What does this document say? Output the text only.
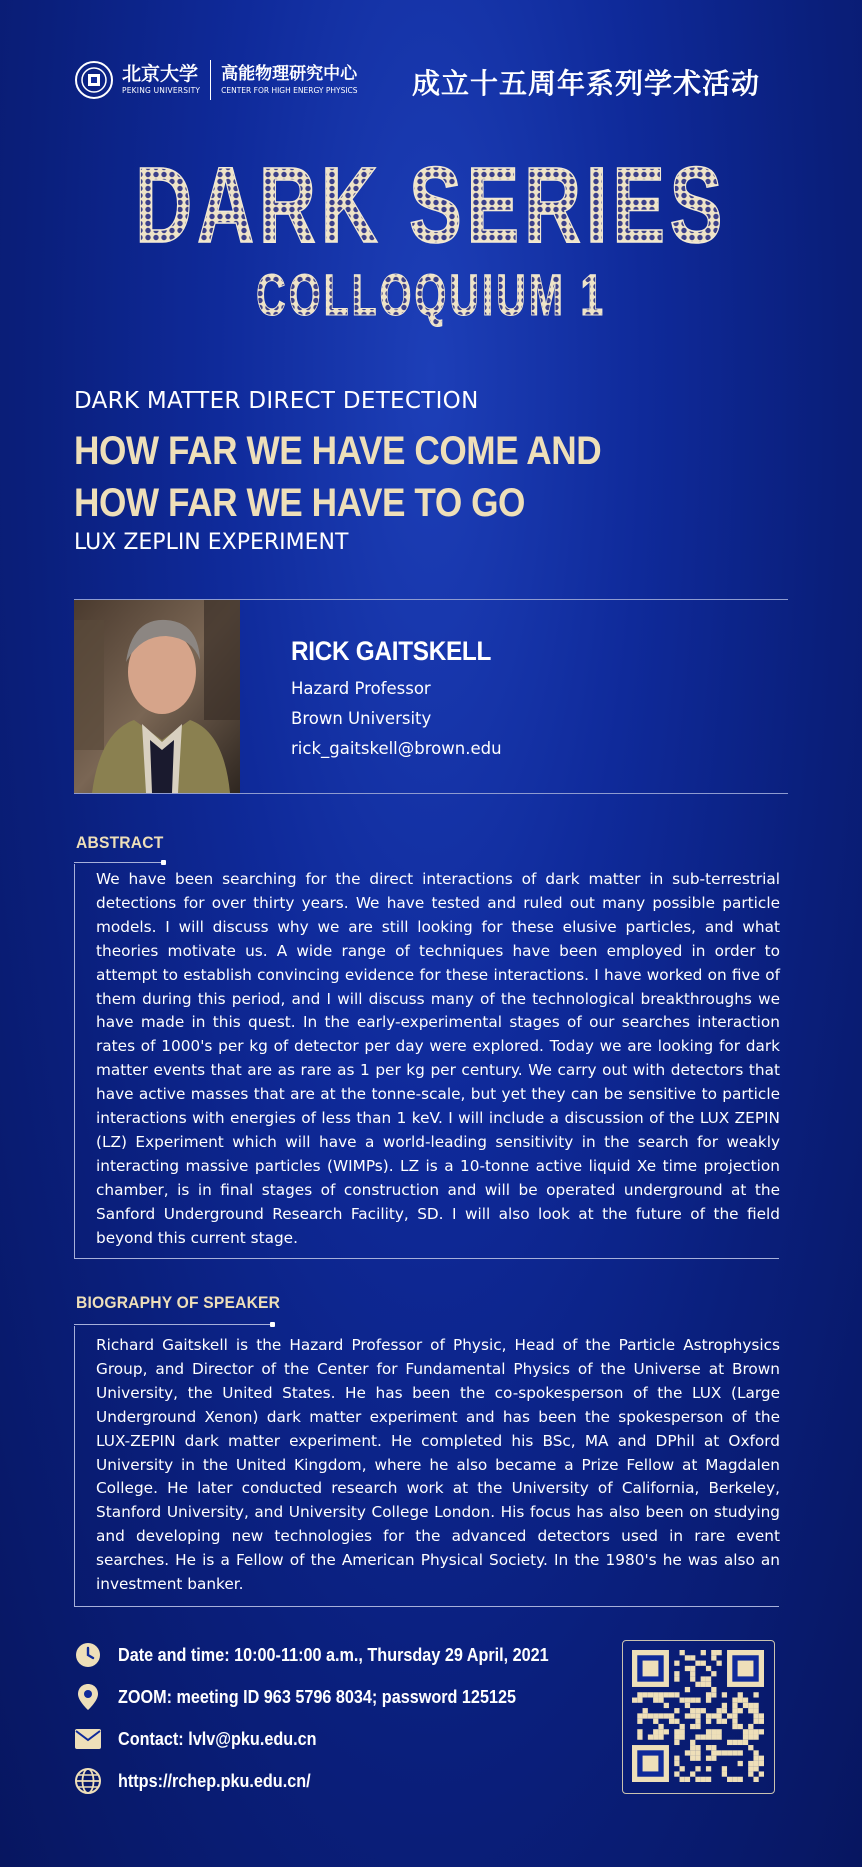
北京大学
PEKING UNIVERSITY
高能物理研究中心
CENTER FOR HIGH ENERGY PHYSICS 成立十五周年系列学术活动
DARK SERIES
COLLOQUIUM 1
DARK MATTER DIRECT DETECTION
HOW FAR WE HAVE COME AND
HOW FAR WE HAVE TO GO
LUX ZEPLIN EXPERIMENT
RICK GAITSKELL
Hazard Professor
Brown University
rick_gaitskell@brown.edu
ABSTRACT
We have been searching for the direct interactions of dark matter in sub-terrestrial detections for over thirty years. We have tested and ruled out many possible particle models. I will discuss why we are still looking for these elusive particles, and what theories motivate us. A wide range of techniques have been employed in order to attempt to establish convincing evidence for these interactions. I have worked on five of them during this period, and I will discuss many of the technological breakthroughs we have made in this quest. In the early-experimental stages of our searches interaction rates of 1000's per kg of detector per day were explored. Today we are looking for dark matter events that are as rare as 1 per kg per century. We carry out with detectors that have active masses that are at the tonne-scale, but yet they can be sensitive to particle interactions with energies of less than 1 keV. I will include a discussion of the LUX ZEPIN (LZ) Experiment which will have a world-leading sensitivity in the search for weakly interacting massive particles (WIMPs). LZ is a 10-tonne active liquid Xe time projection chamber, is in final stages of construction and will be operated underground at the Sanford Underground Research Facility, SD. I will also look at the future of the field beyond this current stage.
BIOGRAPHY OF SPEAKER
Richard Gaitskell is the Hazard Professor of Physic, Head of the Particle Astrophysics Group, and Director of the Center for Fundamental Physics of the Universe at Brown University, the United States. He has been the co-spokesperson of the LUX (Large Underground Xenon) dark matter experiment and has been the spokesperson of the LUX-ZEPIN dark matter experiment. He completed his BSc, MA and DPhil at Oxford University in the United Kingdom, where he also became a Prize Fellow at Magdalen College. He later conducted research work at the University of California, Berkeley, Stanford University, and University College London. His focus has also been on studying and developing new technologies for the advanced detectors used in rare event searches. He is a Fellow of the American Physical Society. In the 1980's he was also an investment banker.
Date and time: 10:00-11:00 a.m., Thursday 29 April, 2021
ZOOM: meeting ID 963 5796 8034; password 125125
Contact: lvlv@pku.edu.cn
https://rchep.pku.edu.cn/
